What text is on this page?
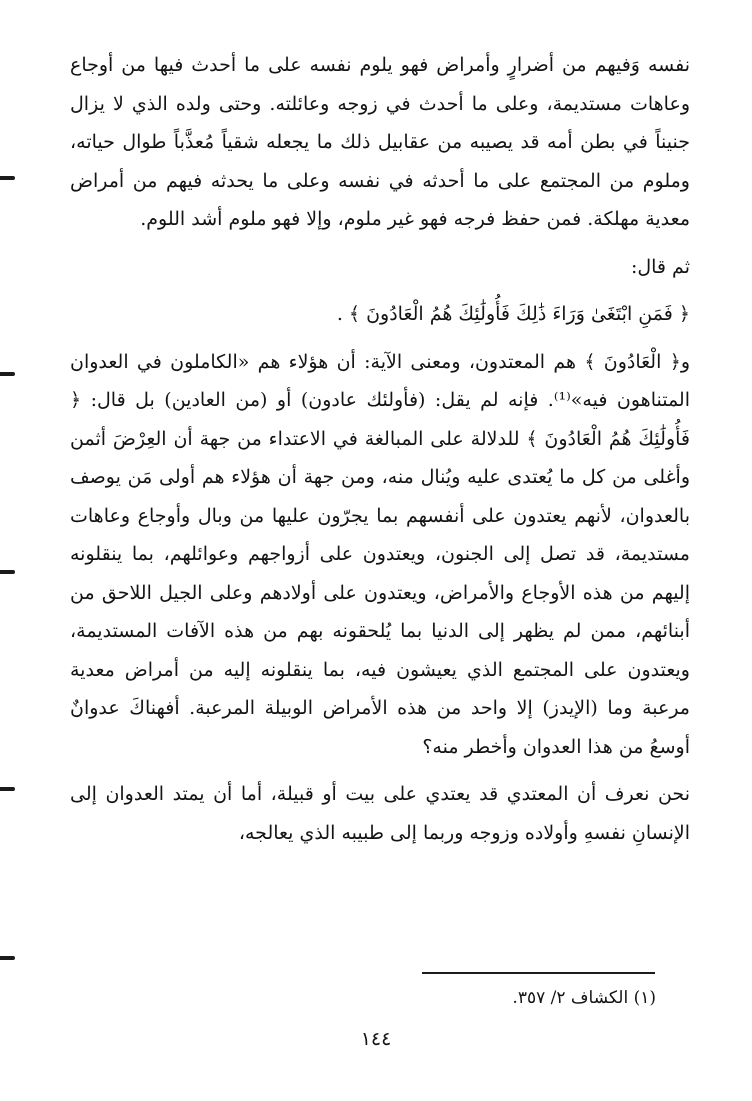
نفسه وَفيهم من أضرارٍ وأمراض فهو يلوم نفسه على ما أحدث فيها من أوجاع وعاهات مستديمة، وعلى ما أحدث في زوجه وعائلته. وحتى ولده الذي لا يزال جنيناً في بطن أمه قد يصيبه من عقابيل ذلك ما يجعله شقياً مُعذَّباً طوال حياته، وملوم من المجتمع على ما أحدثه في نفسه وعلى ما يحدثه فيهم من أمراض معدية مهلكة. فمن حفظ فرجه فهو غير ملوم، وإلا فهو ملوم أشد اللوم.

ثم قال:

﴿ فَمَنِ ابْتَغَىٰ وَرَاءَ ذَٰلِكَ فَأُولَٰئِكَ هُمُ الْعَادُونَ ﴾ .

و﴿ الْعَادُونَ ﴾ هم المعتدون، ومعنى الآية: أن هؤلاء هم «الكاملون في العدوان المتناهون فيه»⁽¹⁾. فإنه لم يقل: (فأولئك عادون) أو (من العادين) بل قال: ﴿ فَأُولَٰئِكَ هُمُ الْعَادُونَ ﴾ للدلالة على المبالغة في الاعتداء من جهة أن العِرْضَ أثمن وأغلى من كل ما يُعتدى عليه ويُنال منه، ومن جهة أن هؤلاء هم أولى مَن يوصف بالعدوان، لأنهم يعتدون على أنفسهم بما يجرّون عليها من وبال وأوجاع وعاهات مستديمة، قد تصل إلى الجنون، ويعتدون على أزواجهم وعوائلهم، بما ينقلونه إليهم من هذه الأوجاع والأمراض، ويعتدون على أولادهم وعلى الجيل اللاحق من أبنائهم، ممن لم يظهر إلى الدنيا بما يُلحقونه بهم من هذه الآفات المستديمة، ويعتدون على المجتمع الذي يعيشون فيه، بما ينقلونه إليه من أمراض معدية مرعبة وما (الإيدز) إلا واحد من هذه الأمراض الوبيلة المرعبة. أفهناكَ عدوانٌ أوسعُ من هذا العدوان وأخطر منه؟

نحن نعرف أن المعتدي قد يعتدي على بيت أو قبيلة، أما أن يمتد العدوان إلى الإنسانِ نفسهِ وأولاده وزوجه وربما إلى طبيبه الذي يعالجه،

(١) الكشاف ٢/ ٣٥٧.
١٤٤
